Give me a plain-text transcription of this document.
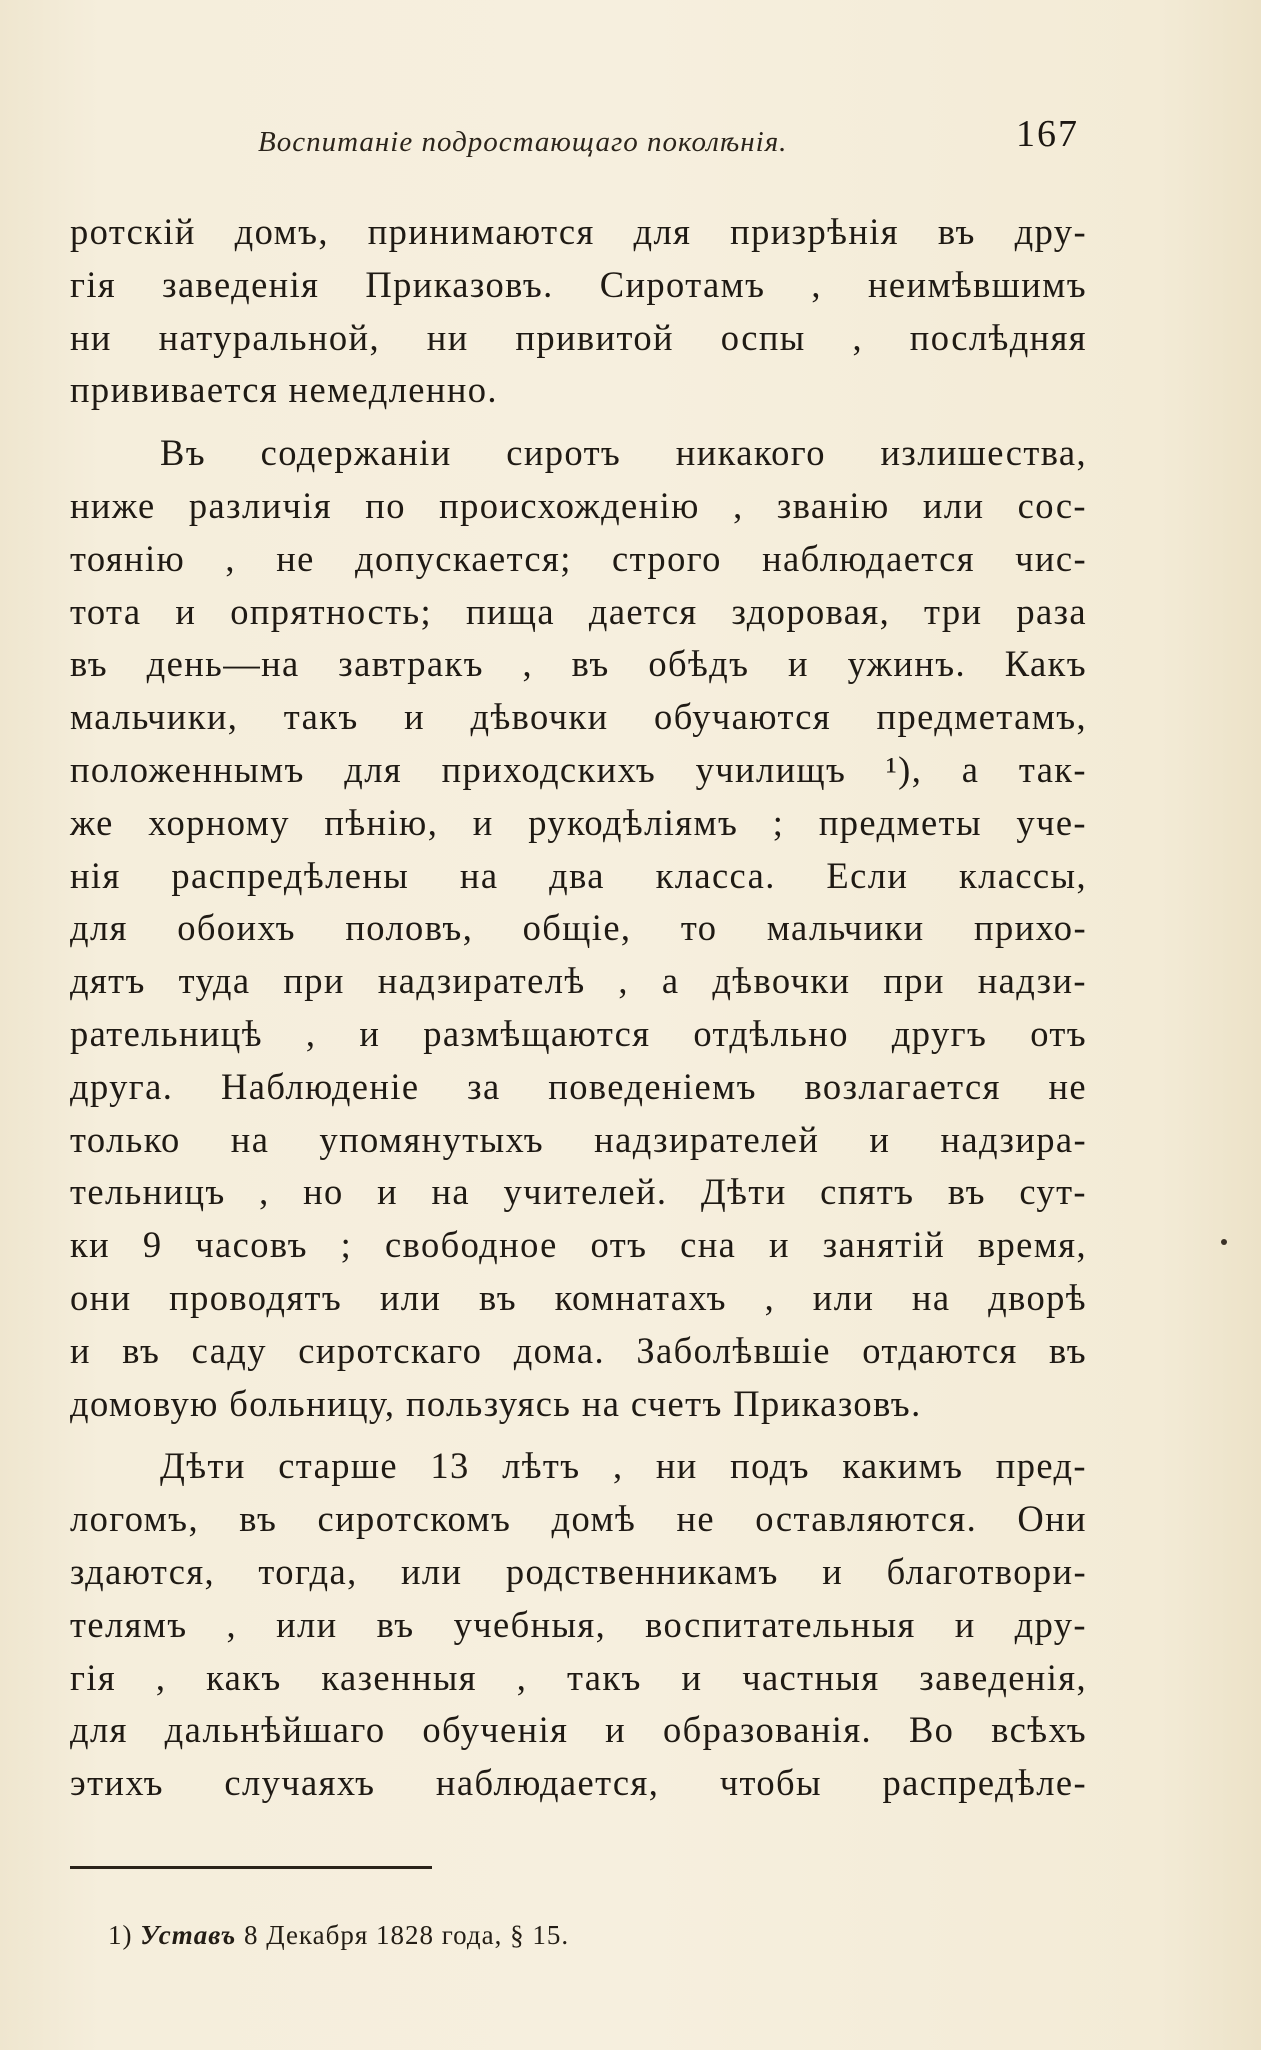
Воспитаніе подростающаго поколѣнія.	167
ротскій домъ, принимаются для призрѣнія въ дру-
гія заведенія Приказовъ. Сиротамъ , неимѣвшимъ
ни натуральной, ни привитой оспы , послѣдняя
прививается немедленно.
Въ содержаніи сиротъ никакого излишества,
ниже различія по происхожденію , званію или сос-
тоянію , не допускается; строго наблюдается чис-
тота и опрятность; пища дается здоровая, три раза
въ день—на завтракъ , въ обѣдъ и ужинъ. Какъ
мальчики, такъ и дѣвочки обучаются предметамъ,
положеннымъ для приходскихъ училищъ ¹), а так-
же хорному пѣнію, и рукодѣліямъ ; предметы уче-
нія распредѣлены на два класса. Если классы,
для обоихъ половъ, общіе, то мальчики прихо-
дятъ туда при надзирателѣ , а дѣвочки при надзи-
рательницѣ , и размѣщаются отдѣльно другъ отъ
друга. Наблюденіе за поведеніемъ возлагается не
только на упомянутыхъ надзирателей и надзира-
тельницъ , но и на учителей. Дѣти спятъ въ сут-
ки 9 часовъ ; свободное отъ сна и занятій время,
они проводятъ или въ комнатахъ , или на дворѣ
и въ саду сиротскаго дома. Заболѣвшіе отдаются въ
домовую больницу, пользуясь на счетъ Приказовъ.
Дѣти старше 13 лѣтъ , ни подъ какимъ пред-
логомъ, въ сиротскомъ домѣ не оставляются. Они
здаются, тогда, или родственникамъ и благотвори-
телямъ , или въ учебныя, воспитательныя и дру-
гія , какъ казенныя , такъ и частныя заведенія,
для дальнѣйшаго обученія и образованія. Во всѣхъ
этихъ случаяхъ наблюдается, чтобы распредѣле-
1) Уставъ 8 Декабря 1828 года, § 15.
